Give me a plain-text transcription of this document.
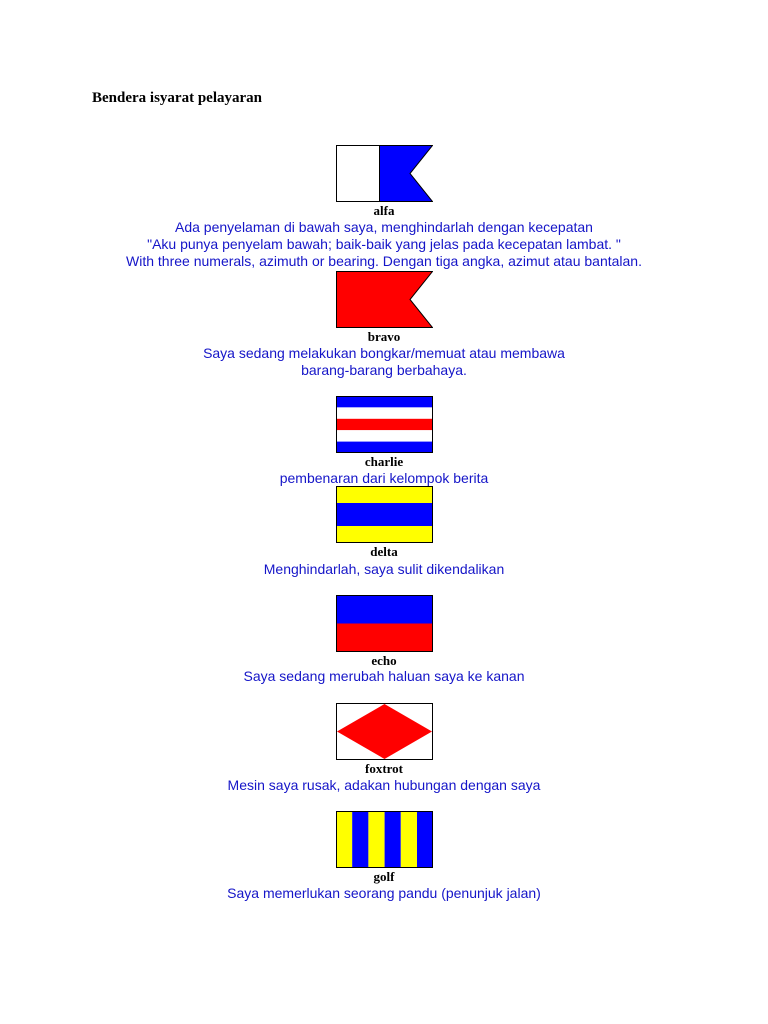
Bendera isyarat pelayaran
alfa
Ada penyelaman di bawah saya, menghindarlah dengan kecepatan
"Aku punya penyelam bawah; baik-baik yang jelas pada kecepatan lambat. "
With three numerals, azimuth or bearing. Dengan tiga angka, azimut atau bantalan.
bravo
Saya sedang melakukan bongkar/memuat atau membawa
barang-barang berbahaya.
charlie
pembenaran dari kelompok berita
delta
Menghindarlah, saya sulit dikendalikan
echo
Saya sedang merubah haluan saya ke kanan
foxtrot
Mesin saya rusak, adakan hubungan dengan saya
golf
Saya memerlukan seorang pandu (penunjuk jalan)
